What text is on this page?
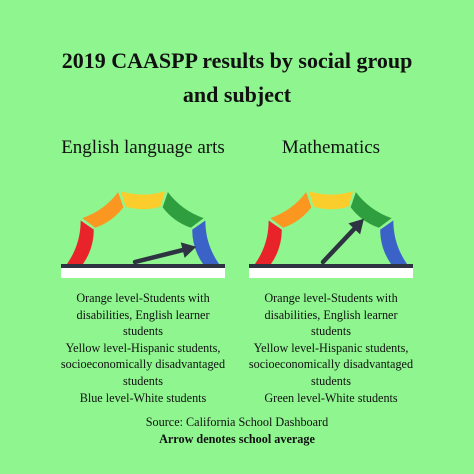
2019 CAASPP results by social group
and subject
English language arts
Orange level-Students with
disabilities, English learner
students
Yellow level-Hispanic students,
socioeconomically disadvantaged
students
Blue level-White students
Mathematics
Orange level-Students with
disabilities, English learner
students
Yellow level-Hispanic students,
socioeconomically disadvantaged
students
Green level-White students
Source: California School Dashboard
Arrow denotes school average
